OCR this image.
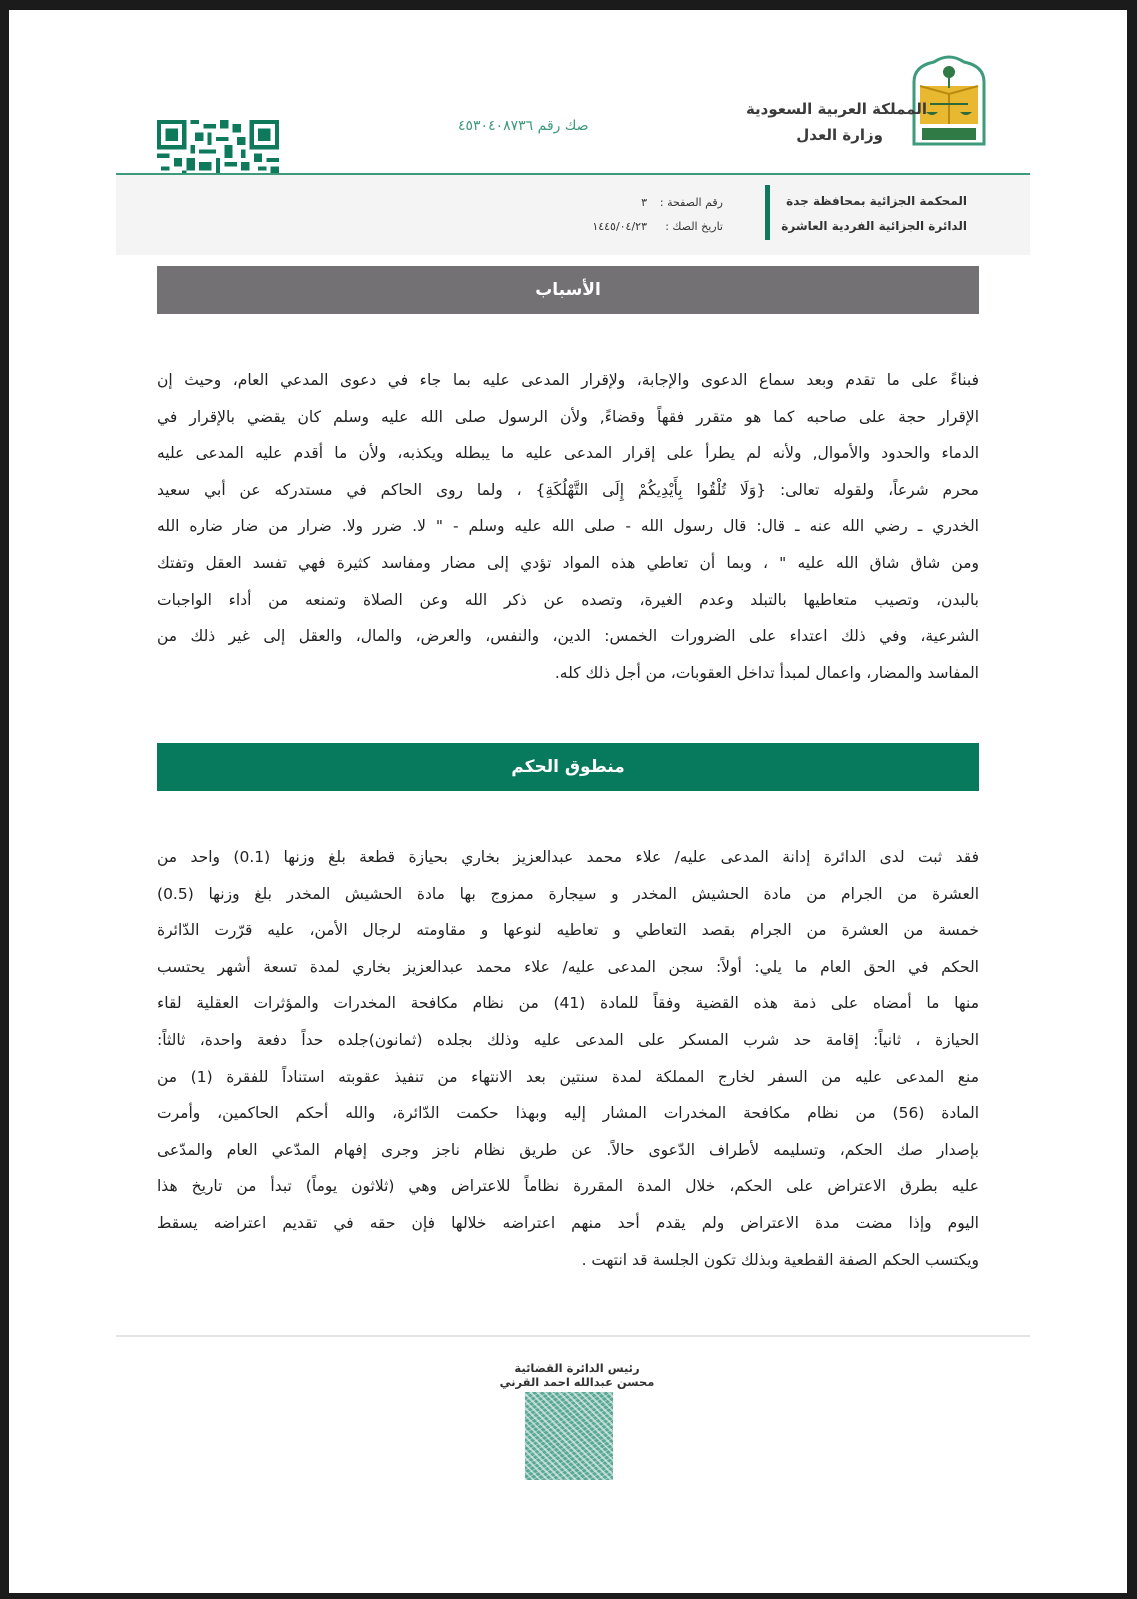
المملكة العربية السعودية
وزارة العدل
صك رقم ٤٥٣٠٤٠٨٧٣٦
المحكمة الجزائية بمحافظة جدة
الدائرة الجزائية الفردية العاشرة
رقم الصفحة :
٣
تاريخ الصك :
١٤٤٥/٠٤/٢٣
الأسباب

فبناءً على ما تقدم وبعد سماع الدعوى والإجابة، ولإقرار المدعى عليه بما جاء في دعوى المدعي العام، وحيث إن

الإقرار حجة على صاحبه كما هو متقرر فقهاً وقضاءً, ولأن الرسول صلى الله عليه وسلم كان يقضي بالإقرار في

الدماء والحدود والأموال, ولأنه لم يطرأ على إقرار المدعى عليه ما يبطله ويكذبه، ولأن ما أقدم عليه المدعى عليه

محرم شرعاً، ولقوله تعالى: {وَلَا تُلْقُوا بِأَيْدِيكُمْ إِلَى التَّهْلُكَةِ} ، ولما روى الحاكم في مستدركه عن أبي سعيد

الخدري ـ رضي الله عنه ـ قال: قال رسول الله - صلى الله عليه وسلم - " لا. ضرر ولا. ضرار من ضار ضاره الله

ومن شاق شاق الله عليه " ، وبما أن تعاطي هذه المواد تؤدي إلى مضار ومفاسد كثيرة فهي تفسد العقل وتفتك

بالبدن، وتصيب متعاطيها بالتبلد وعدم الغيرة، وتصده عن ذكر الله وعن الصلاة وتمنعه من أداء الواجبات

الشرعية، وفي ذلك اعتداء على الضرورات الخمس: الدين، والنفس، والعرض، والمال، والعقل إلى غير ذلك من

المفاسد والمضار، واعمال لمبدأ تداخل العقوبات، من أجل ذلك كله.

منطوق الحكم

فقد ثبت لدى الدائرة إدانة المدعى عليه/ علاء محمد عبدالعزيز بخاري بحيازة قطعة بلغ وزنها (0.1) واحد من

العشرة من الجرام من مادة الحشيش المخدر و سيجارة ممزوج بها مادة الحشيش المخدر بلغ وزنها (0.5)

خمسة من العشرة من الجرام بقصد التعاطي و تعاطيه لنوعها و مقاومته لرجال الأمن، عليه قرّرت الدّائرة

الحكم في الحق العام ما يلي: أولاً: سجن المدعى عليه/ علاء محمد عبدالعزيز بخاري لمدة تسعة أشهر يحتسب

منها ما أمضاه على ذمة هذه القضية وفقاً للمادة (41) من نظام مكافحة المخدرات والمؤثرات العقلية لقاء

الحيازة ، ثانياً: إقامة حد شرب المسكر على المدعى عليه وذلك بجلده (ثمانون)جلده حداً دفعة واحدة، ثالثاً:

منع المدعى عليه من السفر لخارج المملكة لمدة سنتين بعد الانتهاء من تنفيذ عقوبته استناداً للفقرة (1) من

المادة (56) من نظام مكافحة المخدرات المشار إليه وبهذا حكمت الدّائرة، والله أحكم الحاكمين، وأمرت

بإصدار صك الحكم، وتسليمه لأطراف الدّعوى حالاً. عن طريق نظام ناجز وجرى إفهام المدّعي العام والمدّعى

عليه بطرق الاعتراض على الحكم، خلال المدة المقررة نظاماً للاعتراض وهي (ثلاثون يوماً) تبدأ من تاريخ هذا

اليوم وإذا مضت مدة الاعتراض ولم يقدم أحد منهم اعتراضه خلالها فإن حقه في تقديم اعتراضه يسقط

ويكتسب الحكم الصفة القطعية وبذلك تكون الجلسة قد انتهت .

رئيس الدائرة القضائية
محسن عبدالله احمد القرني
